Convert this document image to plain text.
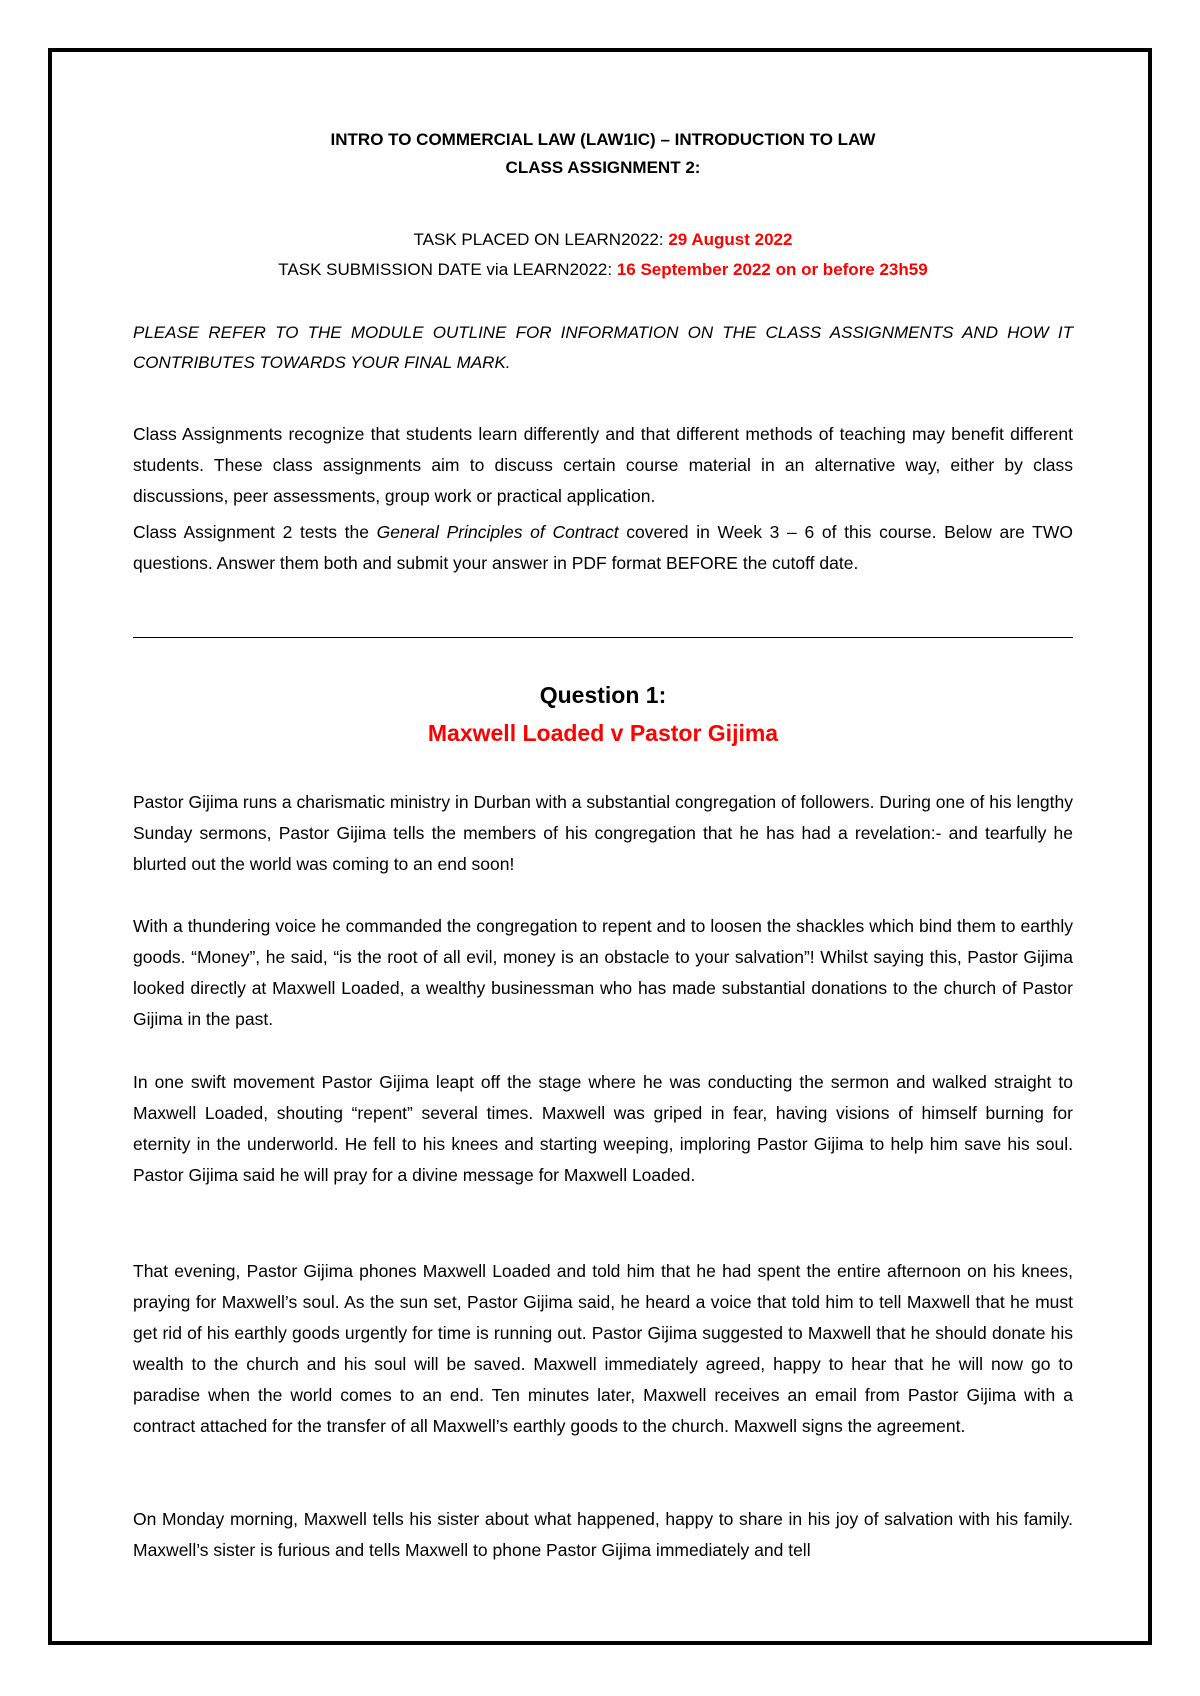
INTRO TO COMMERCIAL LAW (LAW1IC) – INTRODUCTION TO LAW
CLASS ASSIGNMENT 2:
TASK PLACED ON LEARN2022: 29 August 2022
TASK SUBMISSION DATE via LEARN2022: 16 September 2022 on or before 23h59
PLEASE REFER TO THE MODULE OUTLINE FOR INFORMATION ON THE CLASS ASSIGNMENTS AND HOW IT CONTRIBUTES TOWARDS YOUR FINAL MARK.

Class Assignments recognize that students learn differently and that different methods of teaching may benefit different students. These class assignments aim to discuss certain course material in an alternative way, either by class discussions, peer assessments, group work or practical application.

Class Assignment 2 tests the General Principles of Contract covered in Week 3 – 6 of this course. Below are TWO questions. Answer them both and submit your answer in PDF format BEFORE the cutoff date.

Question 1:
Maxwell Loaded v Pastor Gijima

Pastor Gijima runs a charismatic ministry in Durban with a substantial congregation of followers. During one of his lengthy Sunday sermons, Pastor Gijima tells the members of his congregation that he has had a revelation:- and tearfully he blurted out the world was coming to an end soon!

With a thundering voice he commanded the congregation to repent and to loosen the shackles which bind them to earthly goods. “Money”, he said, “is the root of all evil, money is an obstacle to your salvation”! Whilst saying this, Pastor Gijima looked directly at Maxwell Loaded, a wealthy businessman who has made substantial donations to the church of Pastor Gijima in the past.

In one swift movement Pastor Gijima leapt off the stage where he was conducting the sermon and walked straight to Maxwell Loaded, shouting “repent” several times. Maxwell was griped in fear, having visions of himself burning for eternity in the underworld. He fell to his knees and starting weeping, imploring Pastor Gijima to help him save his soul. Pastor Gijima said he will pray for a divine message for Maxwell Loaded.

That evening, Pastor Gijima phones Maxwell Loaded and told him that he had spent the entire afternoon on his knees, praying for Maxwell’s soul. As the sun set, Pastor Gijima said, he heard a voice that told him to tell Maxwell that he must get rid of his earthly goods urgently for time is running out. Pastor Gijima suggested to Maxwell that he should donate his wealth to the church and his soul will be saved. Maxwell immediately agreed, happy to hear that he will now go to paradise when the world comes to an end. Ten minutes later, Maxwell receives an email from Pastor Gijima with a contract attached for the transfer of all Maxwell’s earthly goods to the church. Maxwell signs the agreement.

On Monday morning, Maxwell tells his sister about what happened, happy to share in his joy of salvation with his family. Maxwell’s sister is furious and tells Maxwell to phone Pastor Gijima immediately and tell
